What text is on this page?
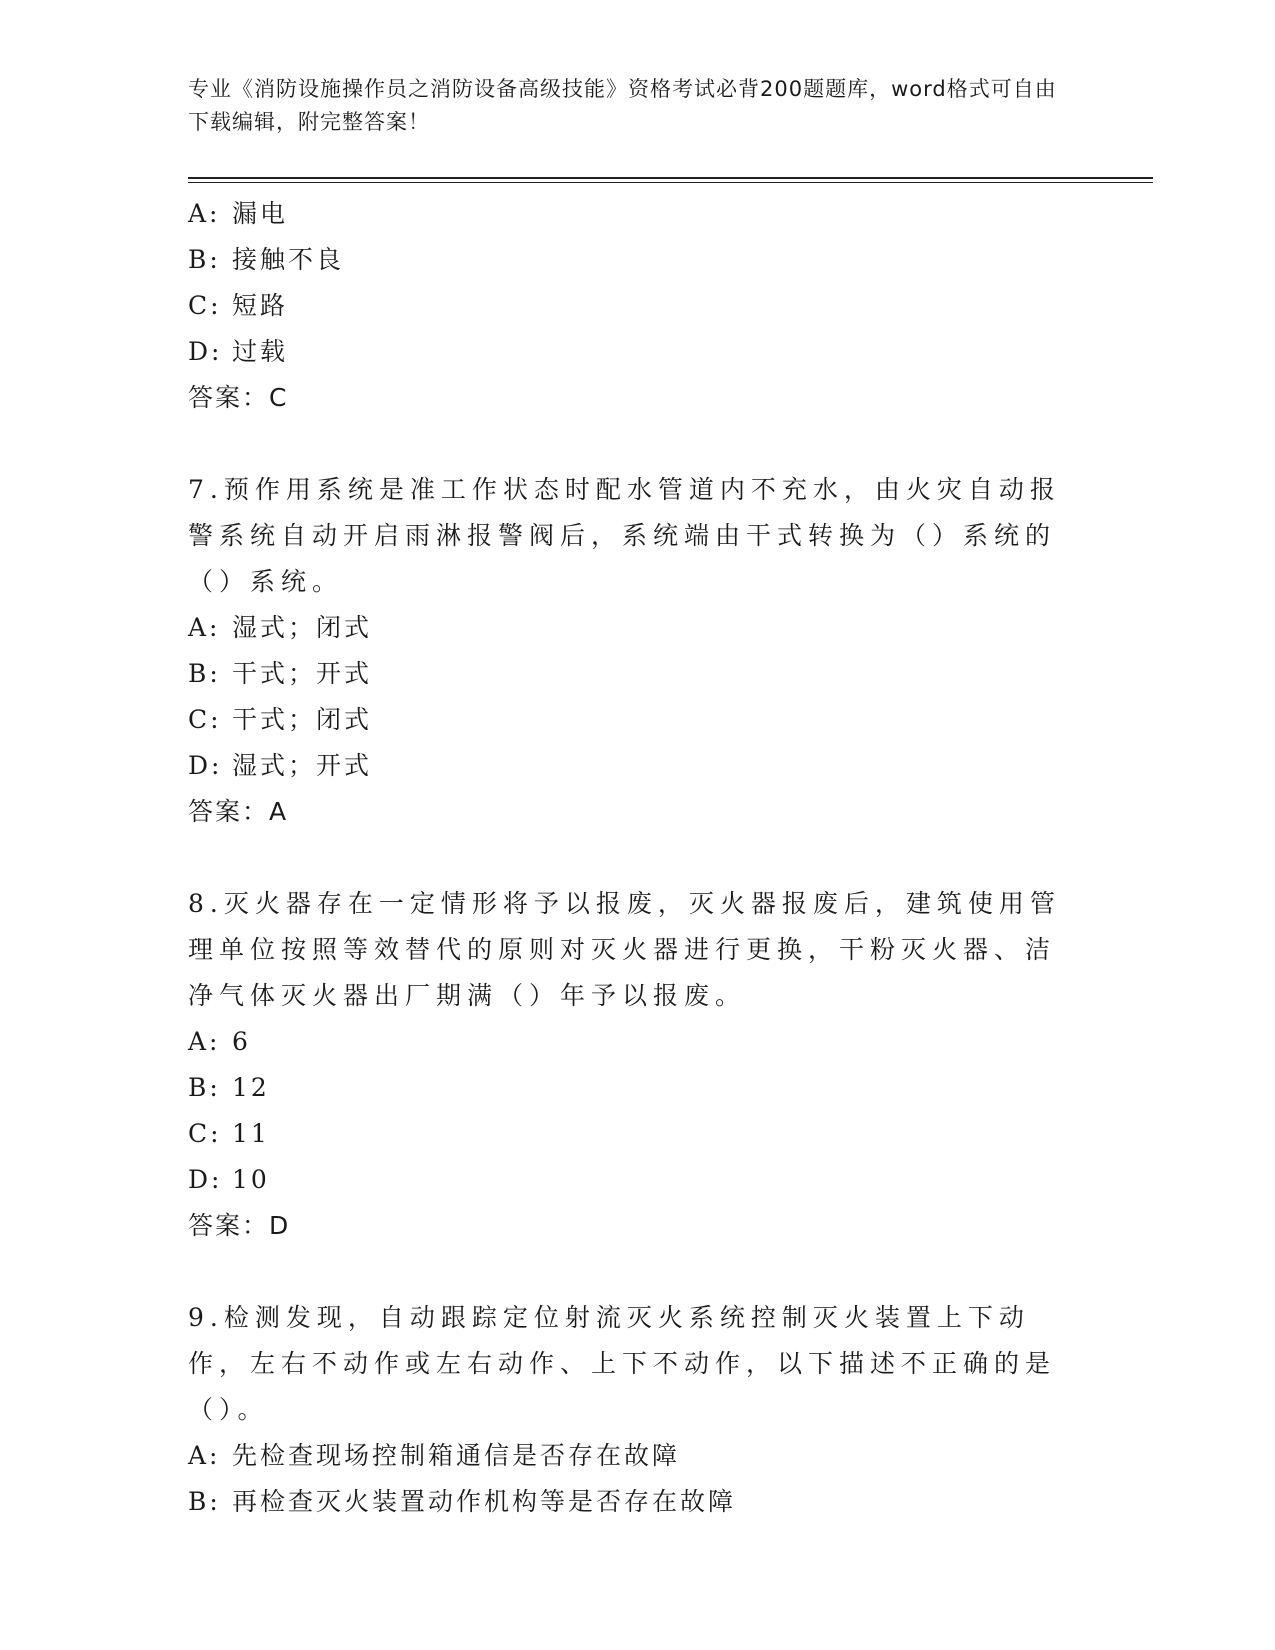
专业《消防设施操作员之消防设备高级技能》资格考试必背200题题库，word格式可自由下载编辑，附完整答案！
A: 漏电
B: 接触不良
C: 短路
D: 过载
答案：C
7.预作用系统是准工作状态时配水管道内不充水，由火灾自动报警系统自动开启雨淋报警阀后，系统端由干式转换为（）系统的（）系统。
A: 湿式；闭式
B: 干式；开式
C: 干式；闭式
D: 湿式；开式
答案：A
8.灭火器存在一定情形将予以报废，灭火器报废后，建筑使用管理单位按照等效替代的原则对灭火器进行更换，干粉灭火器、洁净气体灭火器出厂期满（）年予以报废。
A: 6
B: 12
C: 11
D: 10
答案：D
9.检测发现，自动跟踪定位射流灭火系统控制灭火装置上下动作，左右不动作或左右动作、上下不动作，以下描述不正确的是（）。
A: 先检查现场控制箱通信是否存在故障
B: 再检查灭火装置动作机构等是否存在故障
